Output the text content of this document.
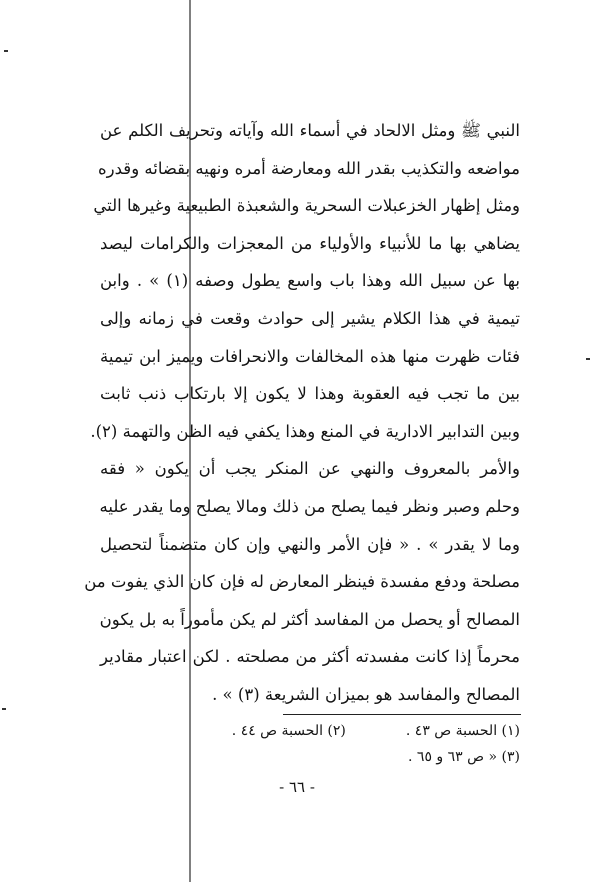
النبي ﷺ ومثل الالحاد في أسماء الله وآياته وتحريف الكلم عن
مواضعه والتكذيب بقدر الله ومعارضة أمره ونهيه بقضائه وقدره
ومثل إظهار الخزعبلات السحرية والشعبذة الطبيعية وغيرها التي
يضاهي بها ما للأنبياء والأولياء من المعجزات والكرامات ليصد
بها عن سبيل الله وهذا باب واسع يطول وصفه (١) » . وابن
تيمية في هذا الكلام يشير إلى حوادث وقعت في زمانه وإلى
فئات ظهرت منها هذه المخالفات والانحرافات ويميز ابن تيمية
بين ما تجب فيه العقوبة وهذا لا يكون إلا بارتكاب ذنب ثابت
وبين التدابير الادارية في المنع وهذا يكفي فيه الظن والتهمة (٢).
والأمر بالمعروف والنهي عن المنكر يجب أن يكون « فقه
وحلم وصبر ونظر فيما يصلح من ذلك ومالا يصلح وما يقدر عليه
وما لا يقدر » . « فإن الأمر والنهي وإن كان متضمناً لتحصيل
مصلحة ودفع مفسدة فينظر المعارض له فإن كان الذي يفوت من
المصالح أو يحصل من المفاسد أكثر لم يكن مأموراً به بل يكون
محرماً إذا كانت مفسدته أكثر من مصلحته . لكن اعتبار مقادير
المصالح والمفاسد هو بميزان الشريعة (٣) » .
(١) الحسبة ص ٤٣ .
(٢) الحسبة ص ٤٤ .
(٣) « ص ٦٣ و ٦٥ .
- ٦٦ -
